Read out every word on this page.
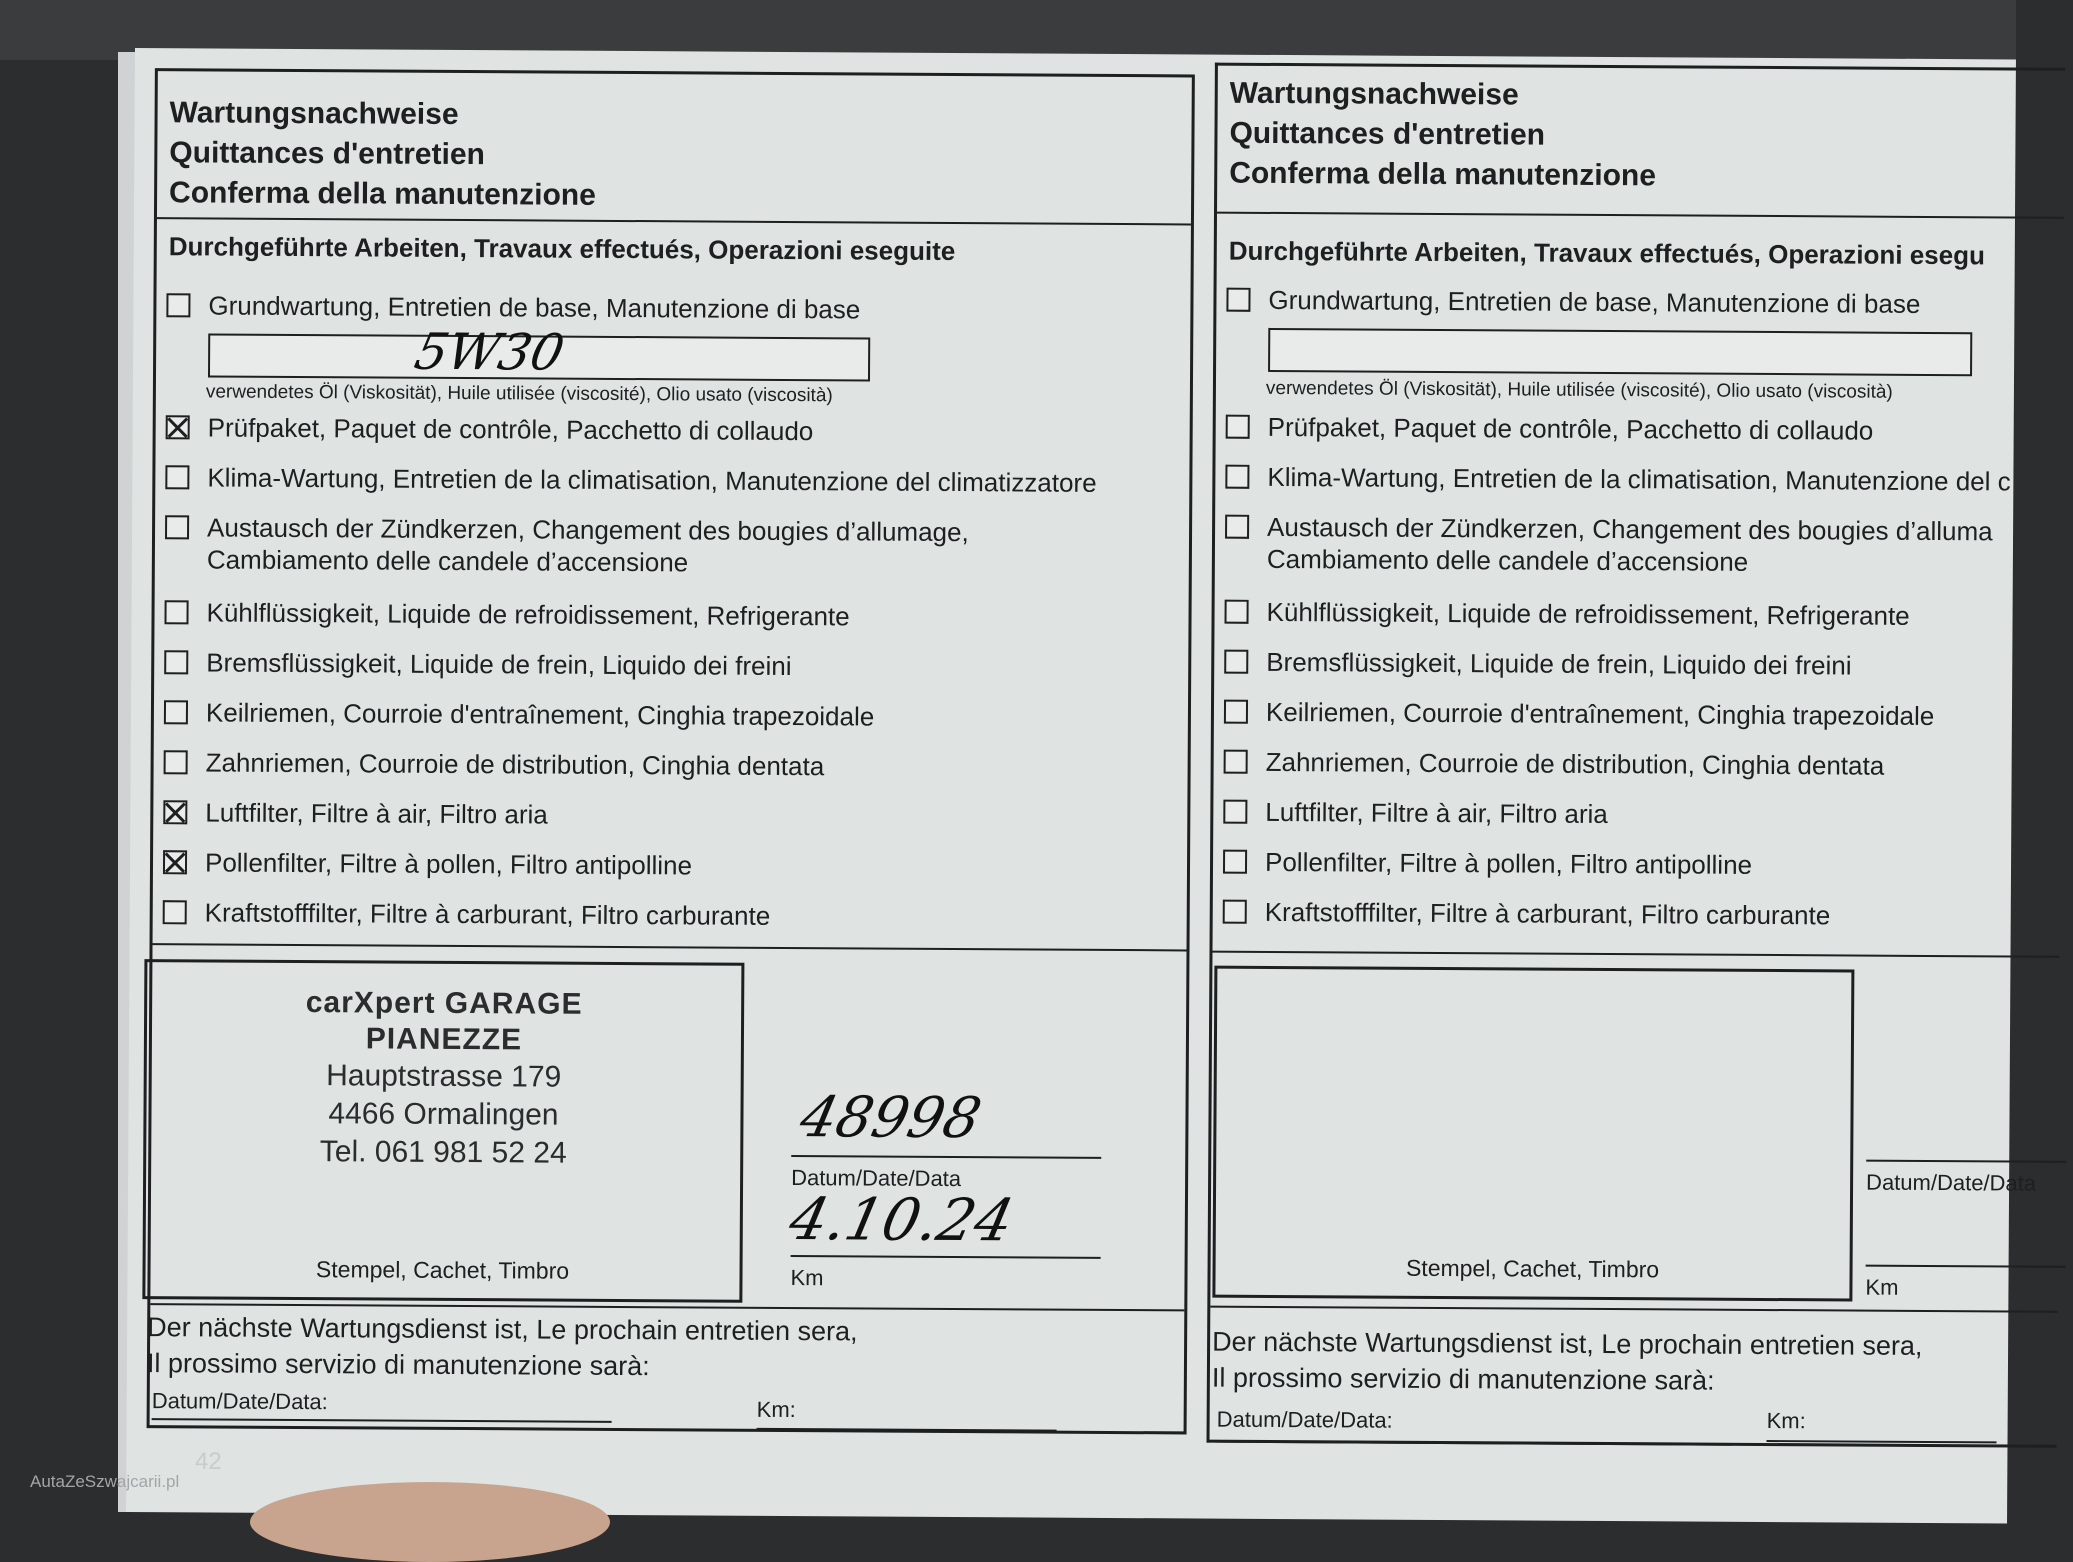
Wartungsnachweise
Quittances d'entretien
Conferma della manutenzione
Durchgeführte Arbeiten, Travaux effectués, Operazioni eseguite
Grundwartung, Entretien de base, Manutenzione di base
5W30
verwendetes Öl (Viskosität), Huile utilisée (viscosité), Olio usato (viscosità)
Prüfpaket, Paquet de contrôle, Pacchetto di collaudo
Klima-Wartung, Entretien de la climatisation, Manutenzione del climatizzatore
Austausch der Zündkerzen, Changement des bougies d’allumage,
Cambiamento delle candele d’accensione
Kühlflüssigkeit, Liquide de refroidissement, Refrigerante
Bremsflüssigkeit, Liquide de frein, Liquido dei freini
Keilriemen, Courroie d'entraînement, Cinghia trapezoidale
Zahnriemen, Courroie de distribution, Cinghia dentata
Luftfilter, Filtre à air, Filtro aria
Pollenfilter, Filtre à pollen, Filtro antipolline
Kraftstofffilter, Filtre à carburant, Filtro carburante
carXpert GARAGE
PIANEZZE
Hauptstrasse 179
4466 Ormalingen
Tel. 061 981 52 24
Stempel, Cachet, Timbro
48998
Datum/Date/Data
4.10.24
Km
Der nächste Wartungsdienst ist, Le prochain entretien sera,
Il prossimo servizio di manutenzione sarà:
Datum/Date/Data:	Km:
Wartungsnachweise
Quittances d'entretien
Conferma della manutenzione
Durchgeführte Arbeiten, Travaux effectués, Operazioni esegu
Grundwartung, Entretien de base, Manutenzione di base
verwendetes Öl (Viskosität), Huile utilisée (viscosité), Olio usato (viscosità)
Prüfpaket, Paquet de contrôle, Pacchetto di collaudo
Klima-Wartung, Entretien de la climatisation, Manutenzione del c
Austausch der Zündkerzen, Changement des bougies d’alluma
Cambiamento delle candele d’accensione
Kühlflüssigkeit, Liquide de refroidissement, Refrigerante
Bremsflüssigkeit, Liquide de frein, Liquido dei freini
Keilriemen, Courroie d'entraînement, Cinghia trapezoidale
Zahnriemen, Courroie de distribution, Cinghia dentata
Luftfilter, Filtre à air, Filtro aria
Pollenfilter, Filtre à pollen, Filtro antipolline
Kraftstofffilter, Filtre à carburant, Filtro carburante
Stempel, Cachet, Timbro
Datum/Date/Data
Km
Der nächste Wartungsdienst ist, Le prochain entretien sera,
Il prossimo servizio di manutenzione sarà:
Datum/Date/Data:	Km:
42
AutaZeSzwajcarii.pl
